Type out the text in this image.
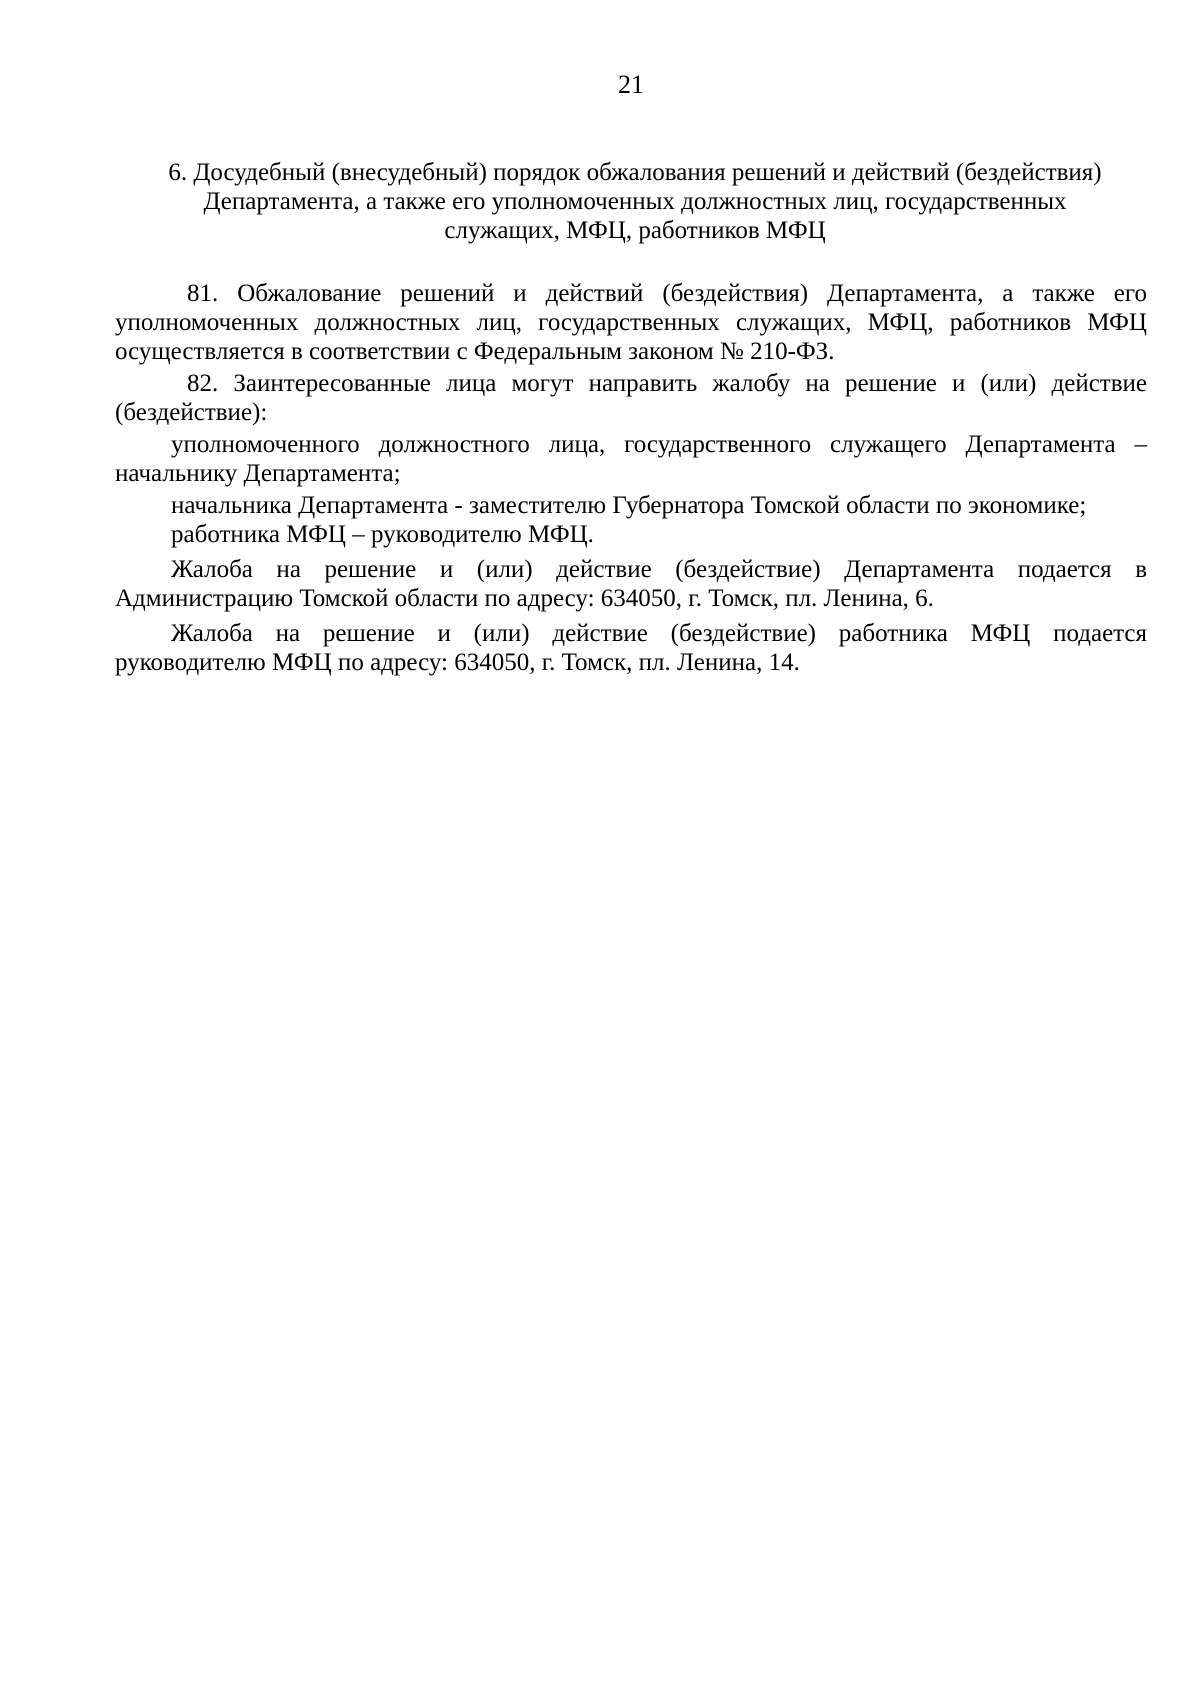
21
6. Досудебный (внесудебный) порядок обжалования решений и действий (бездействия)
Департамента, а также его уполномоченных должностных лиц, государственных
служащих, МФЦ, работников МФЦ

81. Обжалование решений и действий (бездействия) Департамента, а также его уполномоченных должностных лиц, государственных служащих, МФЦ, работников МФЦ осуществляется в соответствии с Федеральным законом № 210-ФЗ.

82. Заинтересованные лица могут направить жалобу на решение и (или) действие (бездействие):

уполномоченного должностного лица, государственного служащего Департамента – начальнику Департамента;

начальника Департамента - заместителю Губернатора Томской области по экономике;

работника МФЦ – руководителю МФЦ.

Жалоба на решение и (или) действие (бездействие) Департамента подается в Администрацию Томской области по адресу: 634050, г. Томск, пл. Ленина, 6.

Жалоба на решение и (или) действие (бездействие) работника МФЦ подается руководителю МФЦ по адресу: 634050, г. Томск, пл. Ленина, 14.
